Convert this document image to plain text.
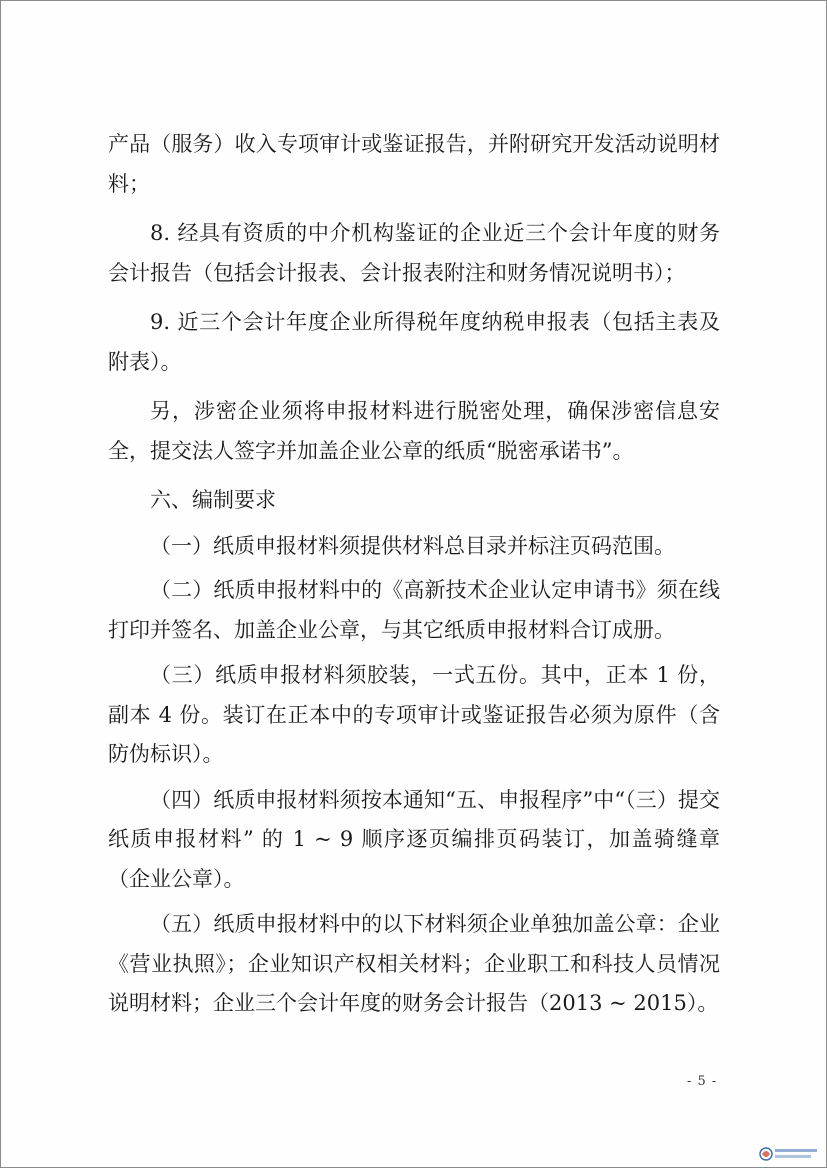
产品（服务）收入专项审计或鉴证报告，并附研究开发活动说明材料；

8. 经具有资质的中介机构鉴证的企业近三个会计年度的财务会计报告（包括会计报表、会计报表附注和财务情况说明书）；

9. 近三个会计年度企业所得税年度纳税申报表（包括主表及附表）。

另，涉密企业须将申报材料进行脱密处理，确保涉密信息安全，提交法人签字并加盖企业公章的纸质“脱密承诺书”。

六、编制要求

（一）纸质申报材料须提供材料总目录并标注页码范围。

（二）纸质申报材料中的《高新技术企业认定申请书》须在线打印并签名、加盖企业公章，与其它纸质申报材料合订成册。

（三）纸质申报材料须胶装，一式五份。其中，正本 1 份，副本 4 份。装订在正本中的专项审计或鉴证报告必须为原件（含防伪标识）。

（四）纸质申报材料须按本通知“五、申报程序”中“（三）提交纸质申报材料” 的 1 ~ 9 顺序逐页编排页码装订，加盖骑缝章（企业公章）。

（五）纸质申报材料中的以下材料须企业单独加盖公章：企业《营业执照》；企业知识产权相关材料；企业职工和科技人员情况说明材料；企业三个会计年度的财务会计报告（2013 ~ 2015）。

- 5 -
